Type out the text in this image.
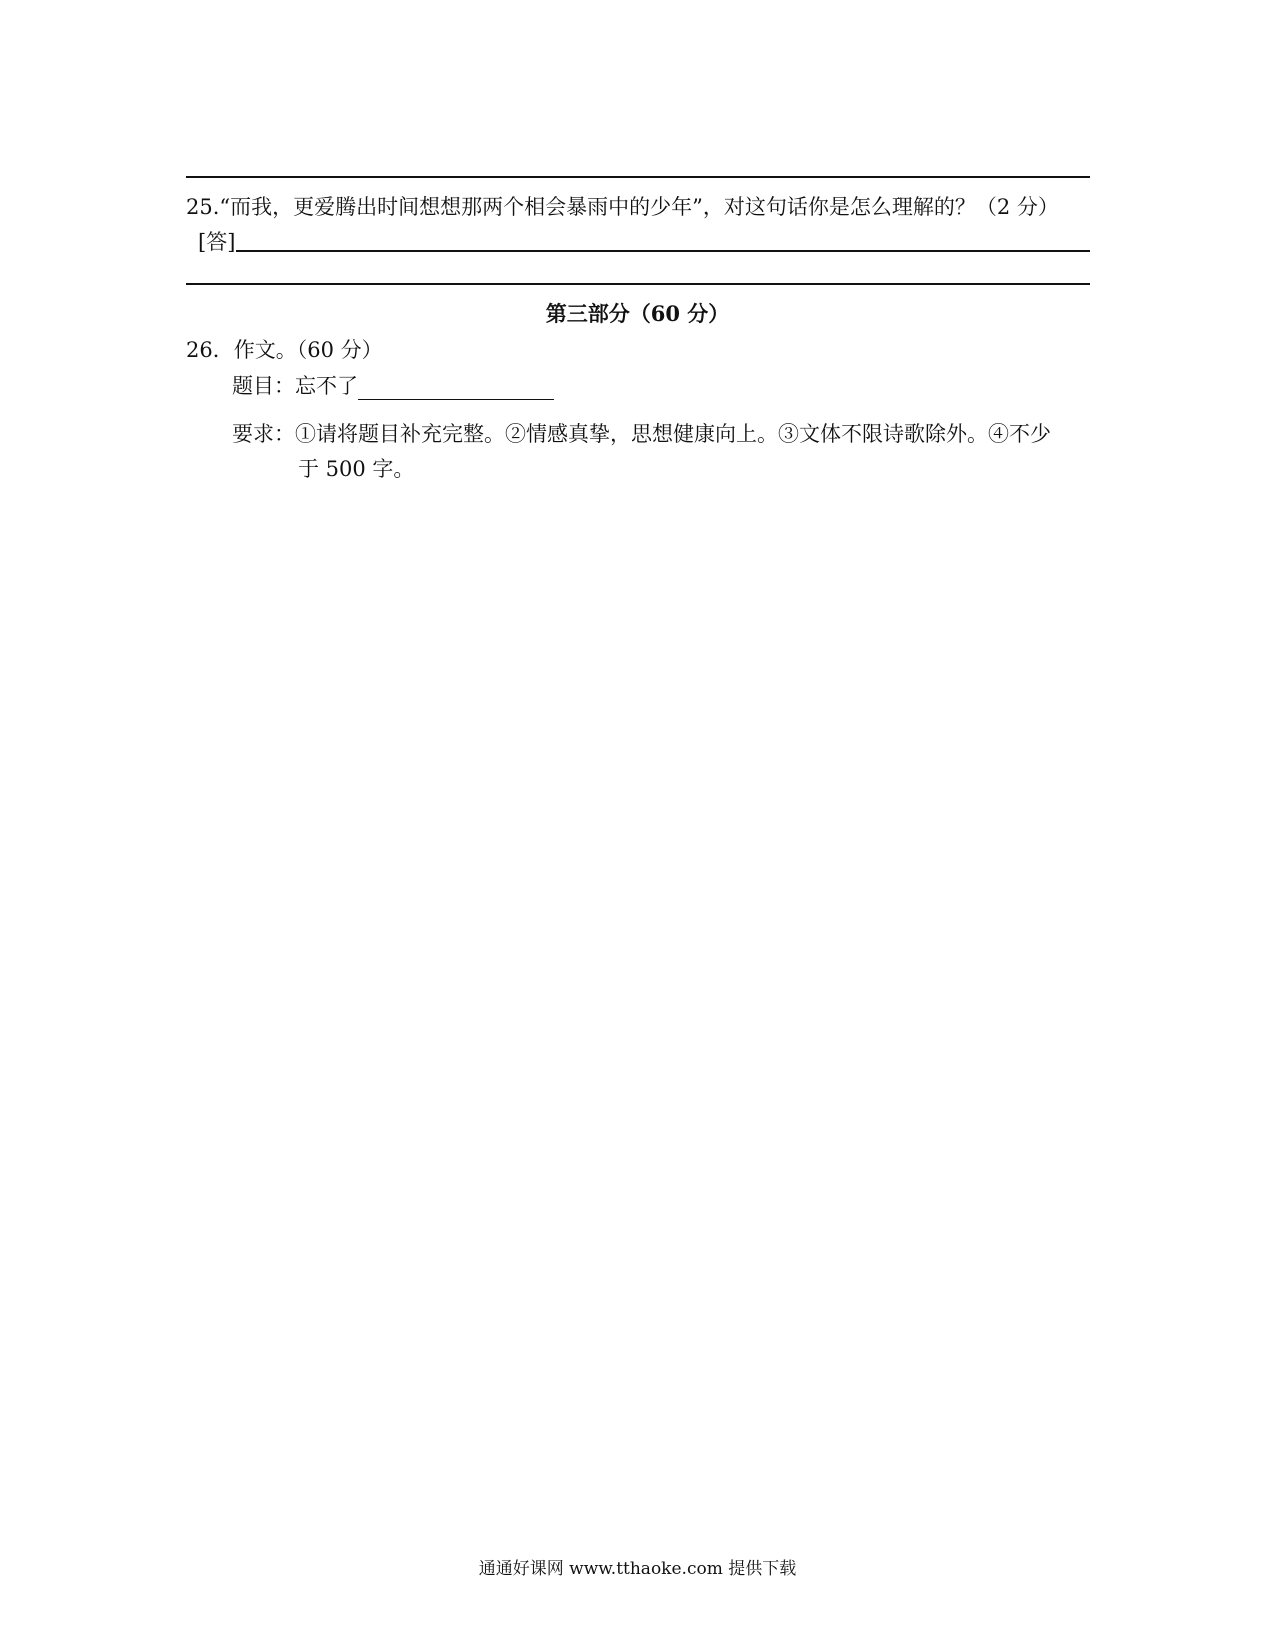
25.“而我，更爱腾出时间想想那两个相会暴雨中的少年”，对这句话你是怎么理解的？（2 分）
[答]
第三部分（60 分）
26．作文。（60 分）
题目：忘不了
要求：①请将题目补充完整。②情感真挚，思想健康向上。③文体不限诗歌除外。④不少
于 500 字。
通通好课网 www.tthaoke.com 提供下载
